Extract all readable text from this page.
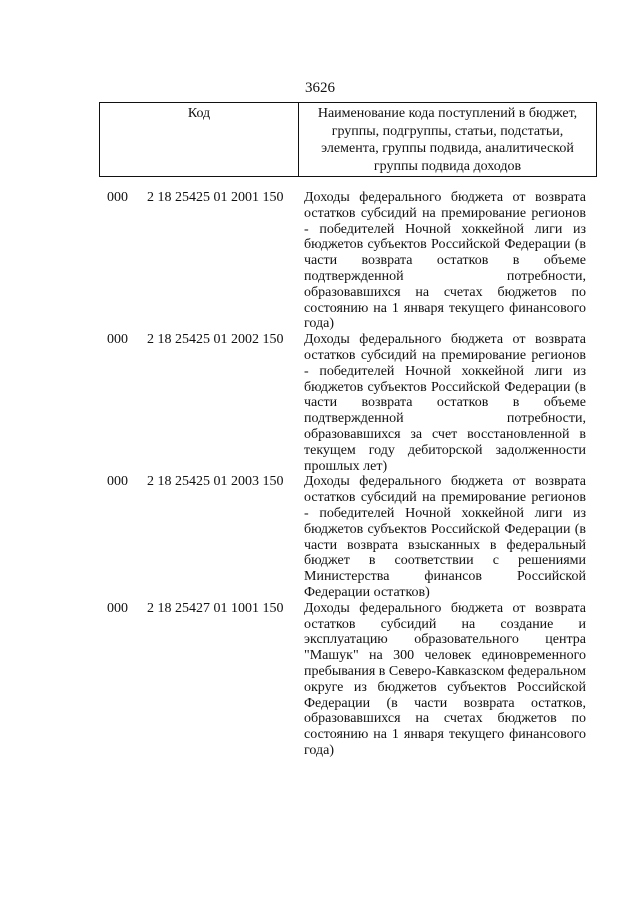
3626
Код	Наименование кода поступлений в бюджет, группы, подгруппы, статьи, подстатьи, элемента, группы подвида, аналитической группы подвида доходов
000 2 18 25425 01 2001 150 Доходы федерального бюджета от возврата остатков субсидий на премирование регионов - победителей Ночной хоккейной лиги из бюджетов субъектов Российской Федерации (в части возврата остатков в объеме подтвержденной потребности, образовавшихся на счетах бюджетов по состоянию на 1 января текущего финансового года)
000 2 18 25425 01 2002 150 Доходы федерального бюджета от возврата остатков субсидий на премирование регионов - победителей Ночной хоккейной лиги из бюджетов субъектов Российской Федерации (в части возврата остатков в объеме подтвержденной потребности, образовавшихся за счет восстановленной в текущем году дебиторской задолженности прошлых лет)
000 2 18 25425 01 2003 150 Доходы федерального бюджета от возврата остатков субсидий на премирование регионов - победителей Ночной хоккейной лиги из бюджетов субъектов Российской Федерации (в части возврата взысканных в федеральный бюджет в соответствии с решениями Министерства финансов Российской Федерации остатков)
000 2 18 25427 01 1001 150 Доходы федерального бюджета от возврата остатков субсидий на создание и эксплуатацию образовательного центра "Машук" на 300 человек единовременного пребывания в Северо-Кавказском федеральном округе из бюджетов субъектов Российской Федерации (в части возврата остатков, образовавшихся на счетах бюджетов по состоянию на 1 января текущего финансового года)
